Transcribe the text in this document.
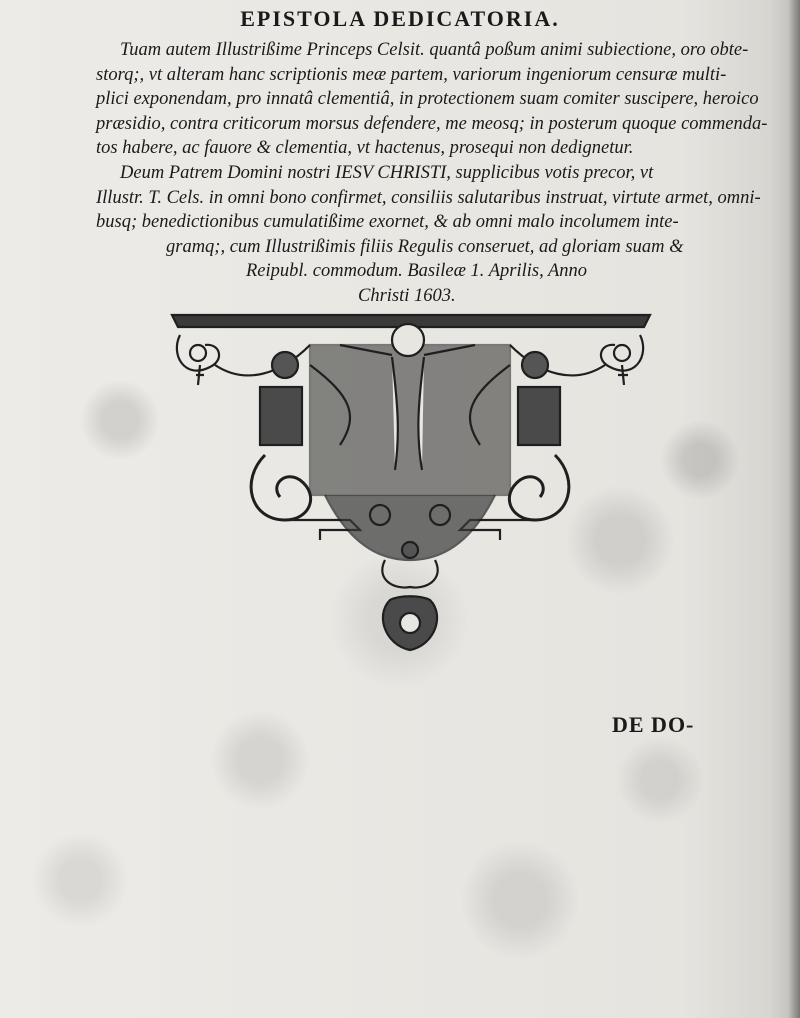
EPISTOLA DEDICATORIA.
Tuam autem Illustrißime Princeps Celsit. quantâ poßum animi subiectione, oro obte-
storq;, vt alteram hanc scriptionis meæ partem, variorum ingeniorum censuræ multi-
plici exponendam, pro innatâ clementiâ, in protectionem suam comiter suscipere, heroico
præsidio, contra criticorum morsus defendere, me meosq; in posterum quoque commenda-
tos habere, ac fauore & clementia, vt hactenus, prosequi non dedignetur.
Deum Patrem Domini nostri IESV CHRISTI, supplicibus votis precor, vt
Illustr. T. Cels. in omni bono confirmet, consiliis salutaribus instruat, virtute armet, omni-
busq; benedictionibus cumulatißime exornet, & ab omni malo incolumem inte-
gramq;, cum Illustrißimis filiis Regulis conseruet, ad gloriam suam &
Reipubl. commodum. Basileæ 1. Aprilis, Anno
Christi 1603.
DE DO-
